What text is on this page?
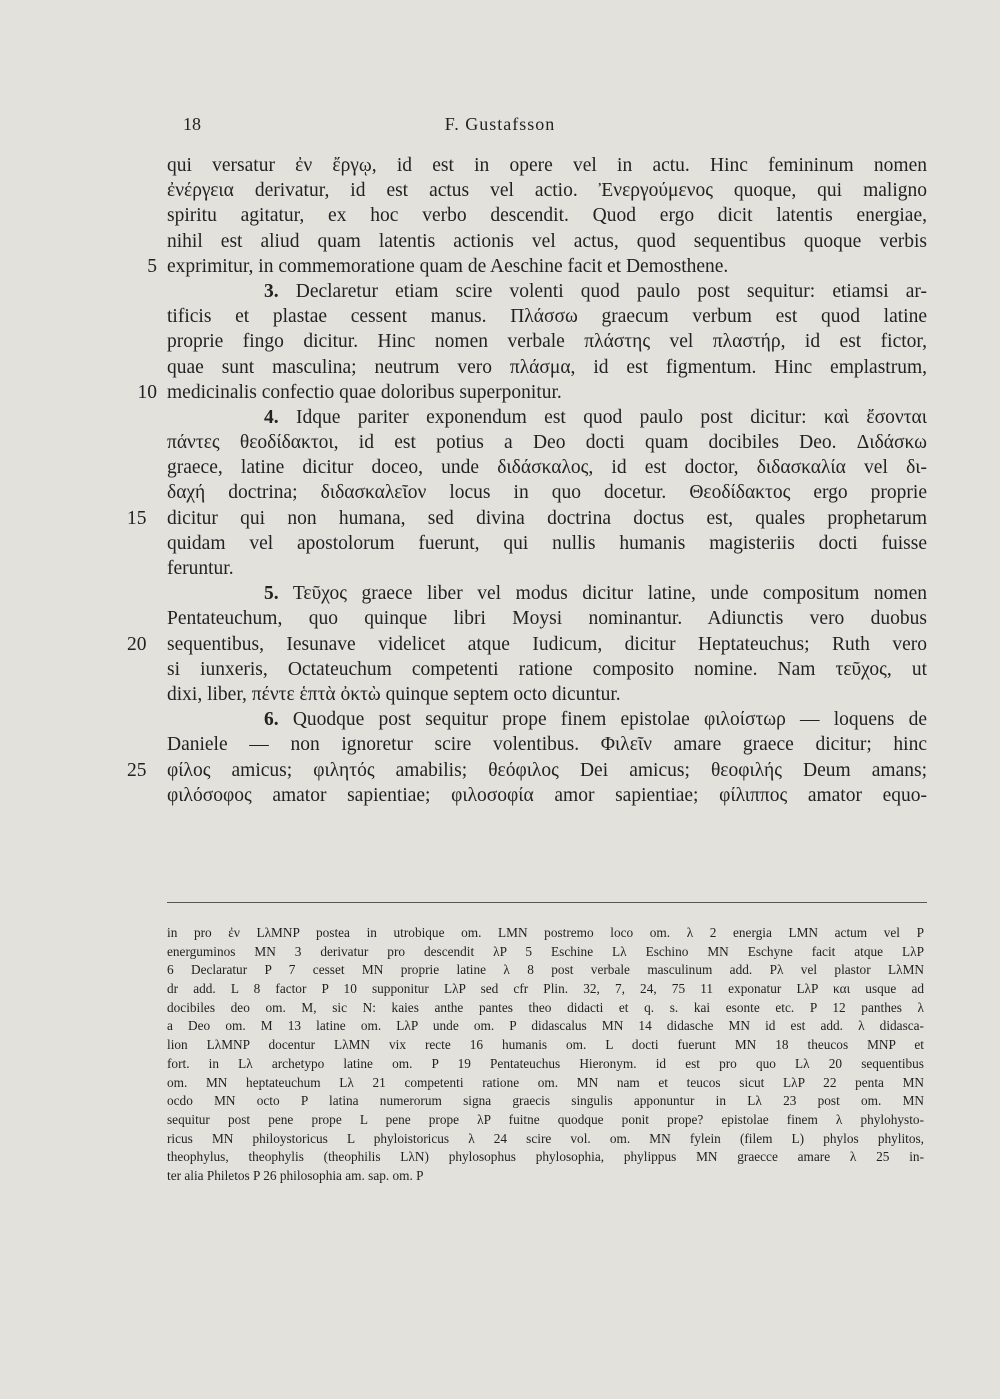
18	F. Gustafsson
qui versatur ἐν ἔργῳ, id est in opere vel in actu. Hinc femininum nomen
ἐνέργεια derivatur, id est actus vel actio. Ἐνεργούμενος quoque, qui maligno
spiritu agitatur, ex hoc verbo descendit. Quod ergo dicit latentis energiae,
nihil est aliud quam latentis actionis vel actus, quod sequentibus quoque verbis
5 exprimitur, in commemoratione quam de Aeschine facit et Demosthene.
3. Declaretur etiam scire volenti quod paulo post sequitur: etiamsi ar-
tificis et plastae cessent manus. Πλάσσω graecum verbum est quod latine
proprie fingo dicitur. Hinc nomen verbale πλάστης vel πλαστήρ, id est fictor,
quae sunt masculina; neutrum vero πλάσμα, id est figmentum. Hinc emplastrum,
10 medicinalis confectio quae doloribus superponitur.
4. Idque pariter exponendum est quod paulo post dicitur: καὶ ἔσονται
πάντες θεοδίδακτοι, id est potius a Deo docti quam docibiles Deo. Διδάσκω
graece, latine dicitur doceo, unde διδάσκαλος, id est doctor, διδασκαλία vel δι-
δαχή doctrina; διδασκαλεῖον locus in quo docetur. Θεοδίδακτος ergo proprie
15	dicitur qui non humana, sed divina doctrina doctus est, quales prophetarum
quidam vel apostolorum fuerunt, qui nullis humanis magisteriis docti fuisse
feruntur.
5. Τεῦχος graece liber vel modus dicitur latine, unde compositum nomen
Pentateuchum, quo quinque libri Moysi nominantur. Adiunctis vero duobus
20	sequentibus, Iesunave videlicet atque Iudicum, dicitur Heptateuchus; Ruth vero
si iunxeris, Octateuchum competenti ratione composito nomine. Nam τεῦχος, ut
dixi, liber, πέντε ἑπτὰ ὀκτὼ quinque septem octo dicuntur.
6. Quodque post sequitur prope finem epistolae φιλοίστωρ — loquens de
Daniele — non ignoretur scire volentibus. Φιλεῖν amare graece dicitur; hinc
25	φίλος amicus; φιλητός amabilis; θεόφιλος Dei amicus; θεοφιλής Deum amans;
φιλόσοφος amator sapientiae; φιλοσοφία amor sapientiae; φίλιππος amator equo-
in pro ἐν LλMNP postea in utrobique om. LMN postremo loco om. λ 2 energia LMN actum vel P
energuminos MN 3 derivatur pro descendit λP 5 Eschine Lλ Eschino MN Eschyne facit atque LλP
6 Declaratur P 7 cesset MN proprie latine λ 8 post verbale masculinum add. Pλ vel plastor LλMN
dr add. L 8 factor P 10 supponitur LλP sed cfr Plin. 32, 7, 24, 75 11 exponatur LλP και usque ad
docibiles deo om. M, sic N: kaies anthe pantes theo didacti et q. s. kai esonte etc. P 12 panthes λ
a Deo om. M 13 latine om. LλP unde om. P didascalus MN 14 didasche MN id est add. λ didasca-
lion LλMNP docentur LλMN vix recte 16 humanis om. L docti fuerunt MN 18 theucos MNP et
fort. in Lλ archetypo latine om. P 19 Pentateuchus Hieronym. id est pro quo Lλ 20 sequentibus
om. MN heptateuchum Lλ 21 competenti ratione om. MN nam et teucos sicut LλP 22 penta MN
ocdo MN octo P latina numerorum signa graecis singulis apponuntur in Lλ 23 post om. MN
sequitur post pene prope L pene prope λP fuitne quodque ponit prope? epistolae finem λ phylohysto-
ricus MN philoystoricus L phyloistoricus λ 24 scire vol. om. MN fylein (filem L) phylos phylitos,
theophylus, theophylis (theophilis LλN) phylosophus phylosophia, phylippus MN graecce amare λ 25 in-
ter alia Philetos P 26 philosophia am. sap. om. P
